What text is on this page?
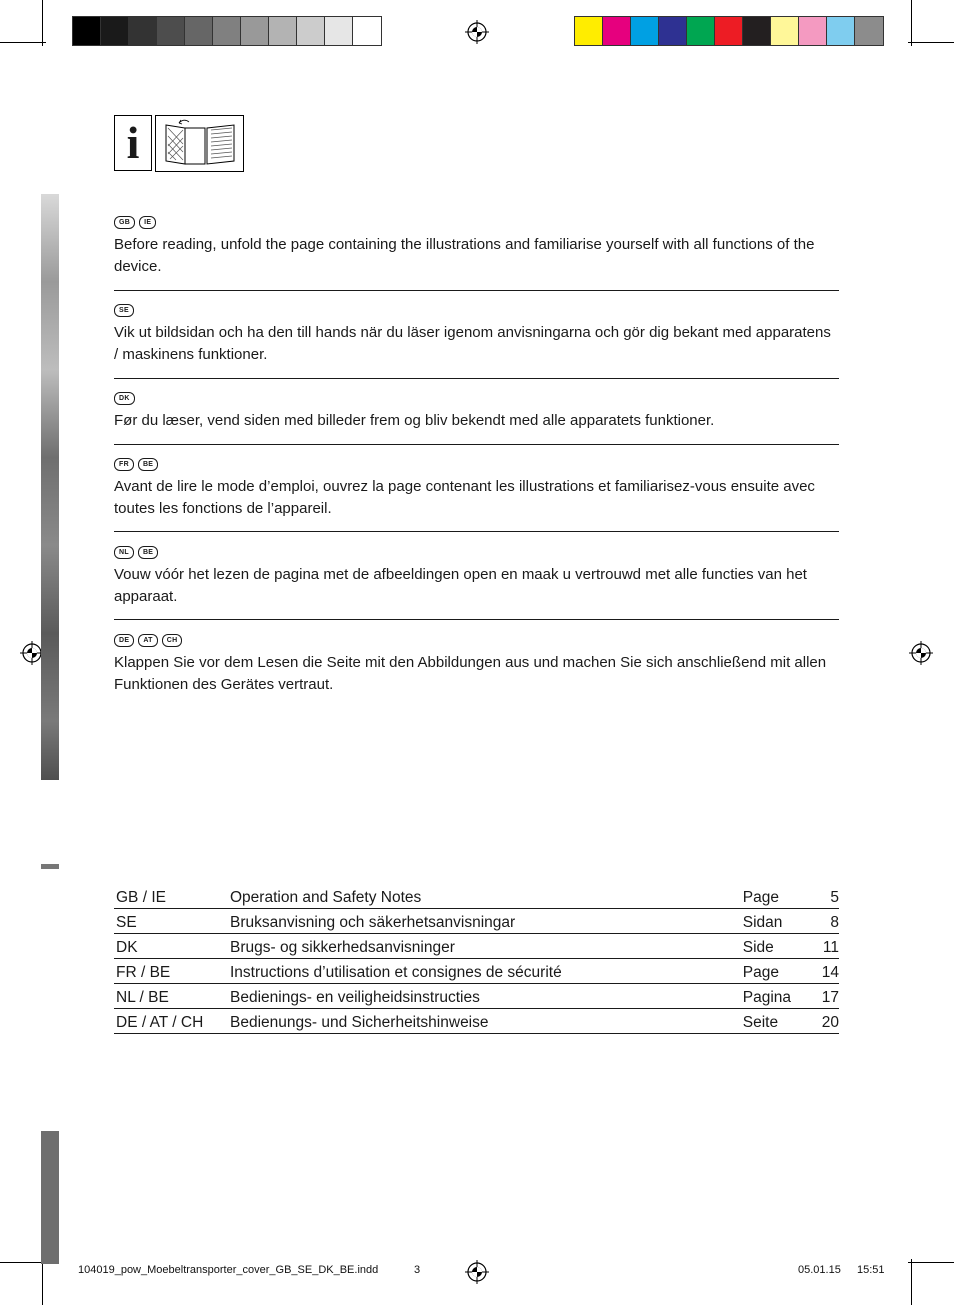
i
GB	IE

Before reading, unfold the page containing the illustrations and familiarise yourself with all functions of the device.

SE

Vik ut bildsidan och ha den till hands när du läser igenom anvisningarna och gör dig bekant med apparatens / maskinens funktioner.

DK

Før du læser, vend siden med billeder frem og bliv bekendt med alle apparatets funktioner.

FR	BE

Avant de lire le mode d’emploi, ouvrez la page contenant les illustrations et familiarisez-vous ensuite avec toutes les fonctions de l’appareil.

NL	BE

Vouw vóór het lezen de pagina met de afbeeldingen open en maak u vertrouwd met alle functies van het apparaat.

DE	AT	CH

Klappen Sie vor dem Lesen die Seite mit den Abbildungen aus und machen Sie sich anschließend mit allen Funktionen des Gerätes vertraut.

GB / IE	Operation and Safety Notes	Page	5
SE	Bruksanvisning och säkerhetsanvisningar	Sidan	8
DK	Brugs- og sikkerhedsanvisninger	Side	11
FR / BE	Instructions d’utilisation et consignes de sécurité	Page	14
NL / BE	Bedienings- en veiligheidsinstructies	Pagina	17
DE / AT / CH	Bedienungs- und Sicherheitshinweise	Seite	20
104019_pow_Moebeltransporter_cover_GB_SE_DK_BE.indd	3	05.01.15 15:51
